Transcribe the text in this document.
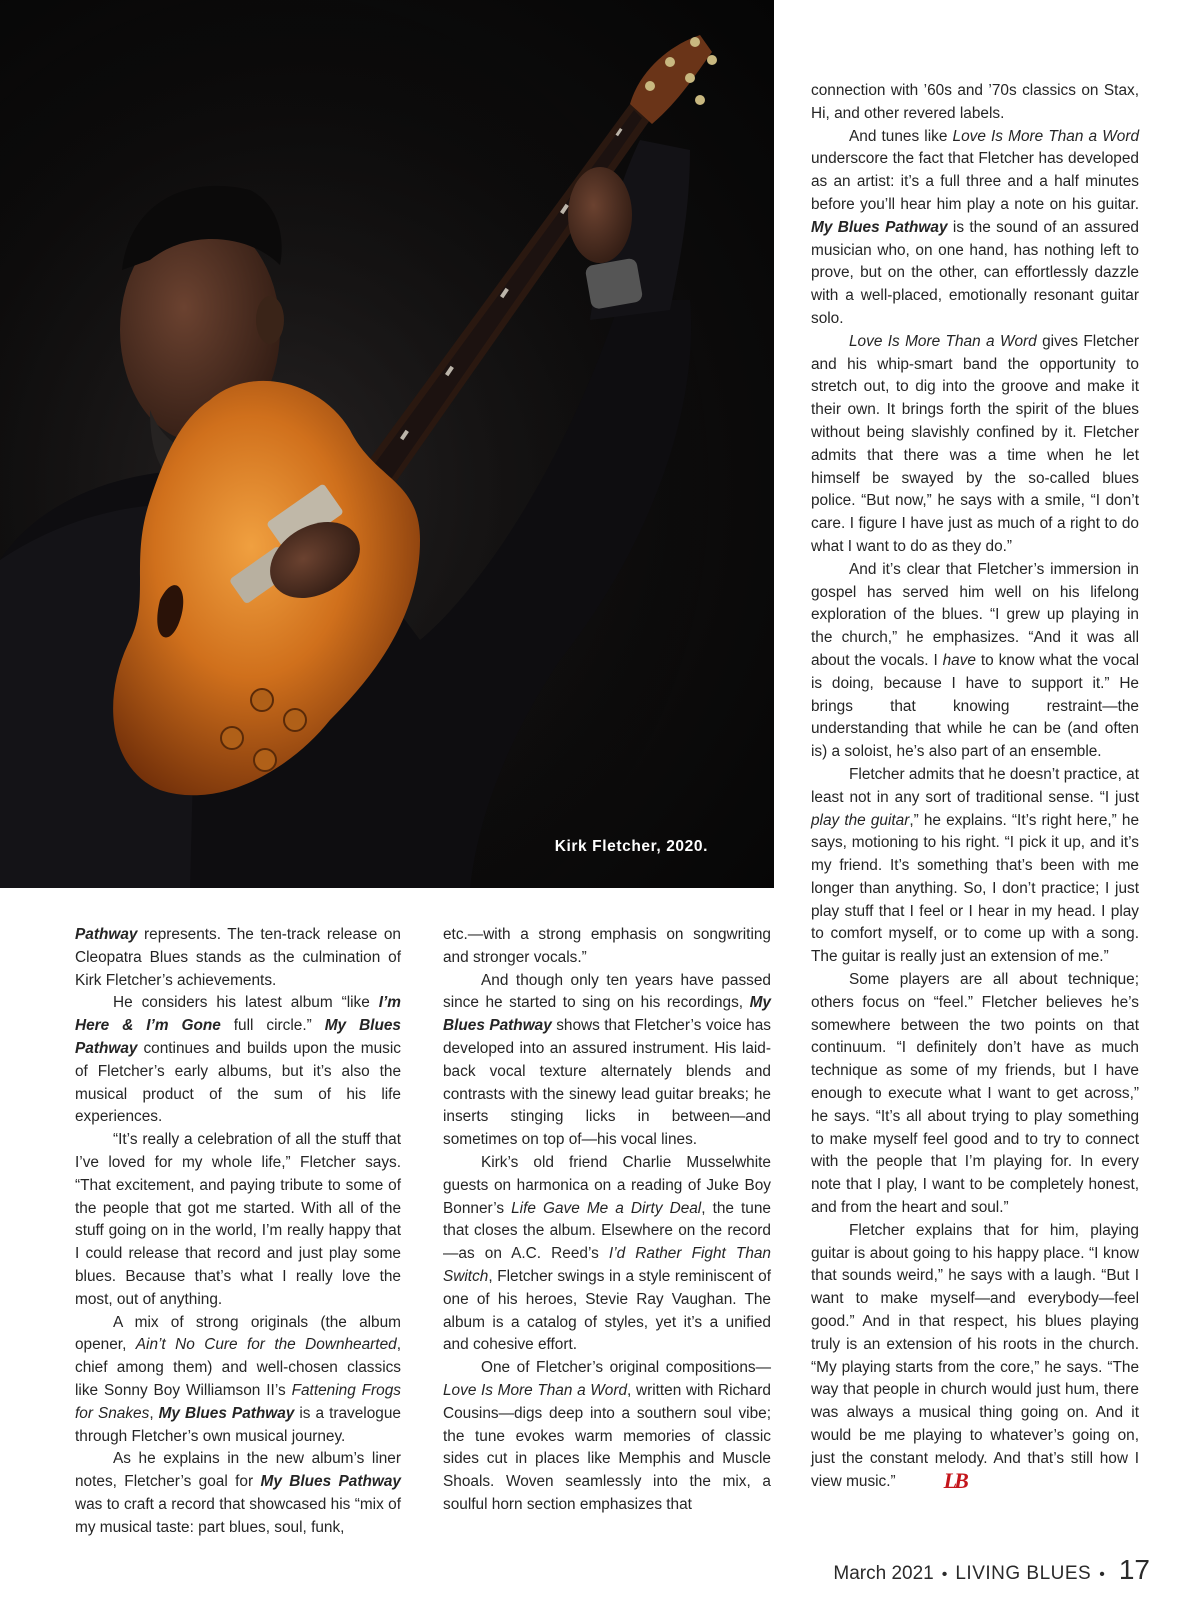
Kirk Fletcher, 2020.

Pathway represents. The ten-track release on Cleopatra Blues stands as the culmination of Kirk Fletcher’s achievements.

He considers his latest album “like I’m Here & I’m Gone full circle.” My Blues Pathway continues and builds upon the music of Fletcher’s early albums, but it’s also the musical product of the sum of his life experiences.

“It’s really a celebration of all the stuff that I’ve loved for my whole life,” Fletcher says. “That excitement, and paying tribute to some of the people that got me started. With all of the stuff going on in the world, I’m really happy that I could release that record and just play some blues. Because that’s what I really love the most, out of anything.

A mix of strong originals (the album opener, Ain’t No Cure for the Downhearted, chief among them) and well-chosen classics like Sonny Boy Williamson II’s Fattening Frogs for Snakes, My Blues Pathway is a travelogue through Fletcher’s own musical journey.

As he explains in the new album’s liner notes, Fletcher’s goal for My Blues Pathway was to craft a record that showcased his “mix of my musical taste: part blues, soul, funk,

etc.—with a strong emphasis on songwriting and stronger vocals.”

And though only ten years have passed since he started to sing on his recordings, My Blues Pathway shows that Fletcher’s voice has developed into an assured instrument. His laid-back vocal texture alternately blends and contrasts with the sinewy lead guitar breaks; he inserts stinging licks in between—and sometimes on top of—his vocal lines.

Kirk’s old friend Charlie Musselwhite guests on harmonica on a reading of Juke Boy Bonner’s Life Gave Me a Dirty Deal, the tune that closes the album. Elsewhere on the record—as on A.C. Reed’s I’d Rather Fight Than Switch, Fletcher swings in a style reminiscent of one of his heroes, Stevie Ray Vaughan. The album is a catalog of styles, yet it’s a unified and cohesive effort.

One of Fletcher’s original compositions—Love Is More Than a Word, written with Richard Cousins—digs deep into a southern soul vibe; the tune evokes warm memories of classic sides cut in places like Memphis and Muscle Shoals. Woven seamlessly into the mix, a soulful horn section emphasizes that

connection with ’60s and ’70s classics on Stax, Hi, and other revered labels.

And tunes like Love Is More Than a Word underscore the fact that Fletcher has developed as an artist: it’s a full three and a half minutes before you’ll hear him play a note on his guitar. My Blues Pathway is the sound of an assured musician who, on one hand, has nothing left to prove, but on the other, can effortlessly dazzle with a well-placed, emotionally resonant guitar solo.

Love Is More Than a Word gives Fletcher and his whip-smart band the opportunity to stretch out, to dig into the groove and make it their own. It brings forth the spirit of the blues without being slavishly confined by it. Fletcher admits that there was a time when he let himself be swayed by the so-called blues police. “But now,” he says with a smile, “I don’t care. I figure I have just as much of a right to do what I want to do as they do.”

And it’s clear that Fletcher’s immersion in gospel has served him well on his lifelong exploration of the blues. “I grew up playing in the church,” he emphasizes. “And it was all about the vocals. I have to know what the vocal is doing, because I have to support it.” He brings that knowing restraint—the understanding that while he can be (and often is) a soloist, he’s also part of an ensemble.

Fletcher admits that he doesn’t practice, at least not in any sort of traditional sense. “I just play the guitar,” he explains. “It’s right here,” he says, motioning to his right. “I pick it up, and it’s my friend. It’s something that’s been with me longer than anything. So, I don’t practice; I just play stuff that I feel or I hear in my head. I play to comfort myself, or to come up with a song. The guitar is really just an extension of me.”

Some players are all about technique; others focus on “feel.” Fletcher believes he’s somewhere between the two points on that continuum. “I definitely don’t have as much technique as some of my friends, but I have enough to execute what I want to get across,” he says. “It’s all about trying to play something to make myself feel good and to try to connect with the people that I’m playing for. In every note that I play, I want to be completely honest, and from the heart and soul.”

Fletcher explains that for him, playing guitar is about going to his happy place. “I know that sounds weird,” he says with a laugh. “But I want to make myself—and everybody—feel good.” And in that respect, his blues playing truly is an extension of his roots in the church. “My playing starts from the core,” he says. “The way that people in church would just hum, there was always a musical thing going on. And it would be me playing to whatever’s going on, just the constant melody. And that’s still how I view music.” LB

March 2021 • LIVING BLUES • 17
